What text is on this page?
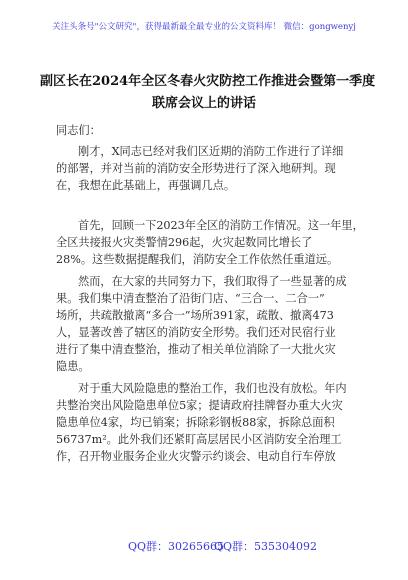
关注头条号"公文研究"，获得最新最全最专业的公文资料库！ 微信：gongwenyj
副区长在2024年全区冬春火灾防控工作推进会暨第一季度
联席会议上的讲话
同志们：
刚才，X同志已经对我们区近期的消防工作进行了详细
的部署，并对当前的消防安全形势进行了深入地研判。现
在，我想在此基础上，再强调几点。
首先，回顾一下2023年全区的消防工作情况。这一年里，
全区共接报火灾类警情296起，火灾起数同比增长了
28%。这些数据提醒我们，消防安全工作依然任重道远。
然而，在大家的共同努力下，我们取得了一些显著的成
果。我们集中清查整治了沿街门店、“三合一、二合一”
场所，共疏散撤离“多合一”场所391家，疏散、撤离473
人，显著改善了辖区的消防安全形势。我们还对民宿行业
进行了集中清查整治，推动了相关单位消除了一大批火灾
隐患。
对于重大风险隐患的整治工作，我们也没有放松。年内
共整治突出风险隐患单位5家；提请政府挂牌督办重大火灾
隐患单位4家，均已销案；拆除彩钢板88家，拆除总面积
56737m²。此外我们还紧盯高层居民小区消防安全治理工
作，召开物业服务企业火灾警示约谈会、电动自行车停放
QQ群：30265665
QQ群：535304092
